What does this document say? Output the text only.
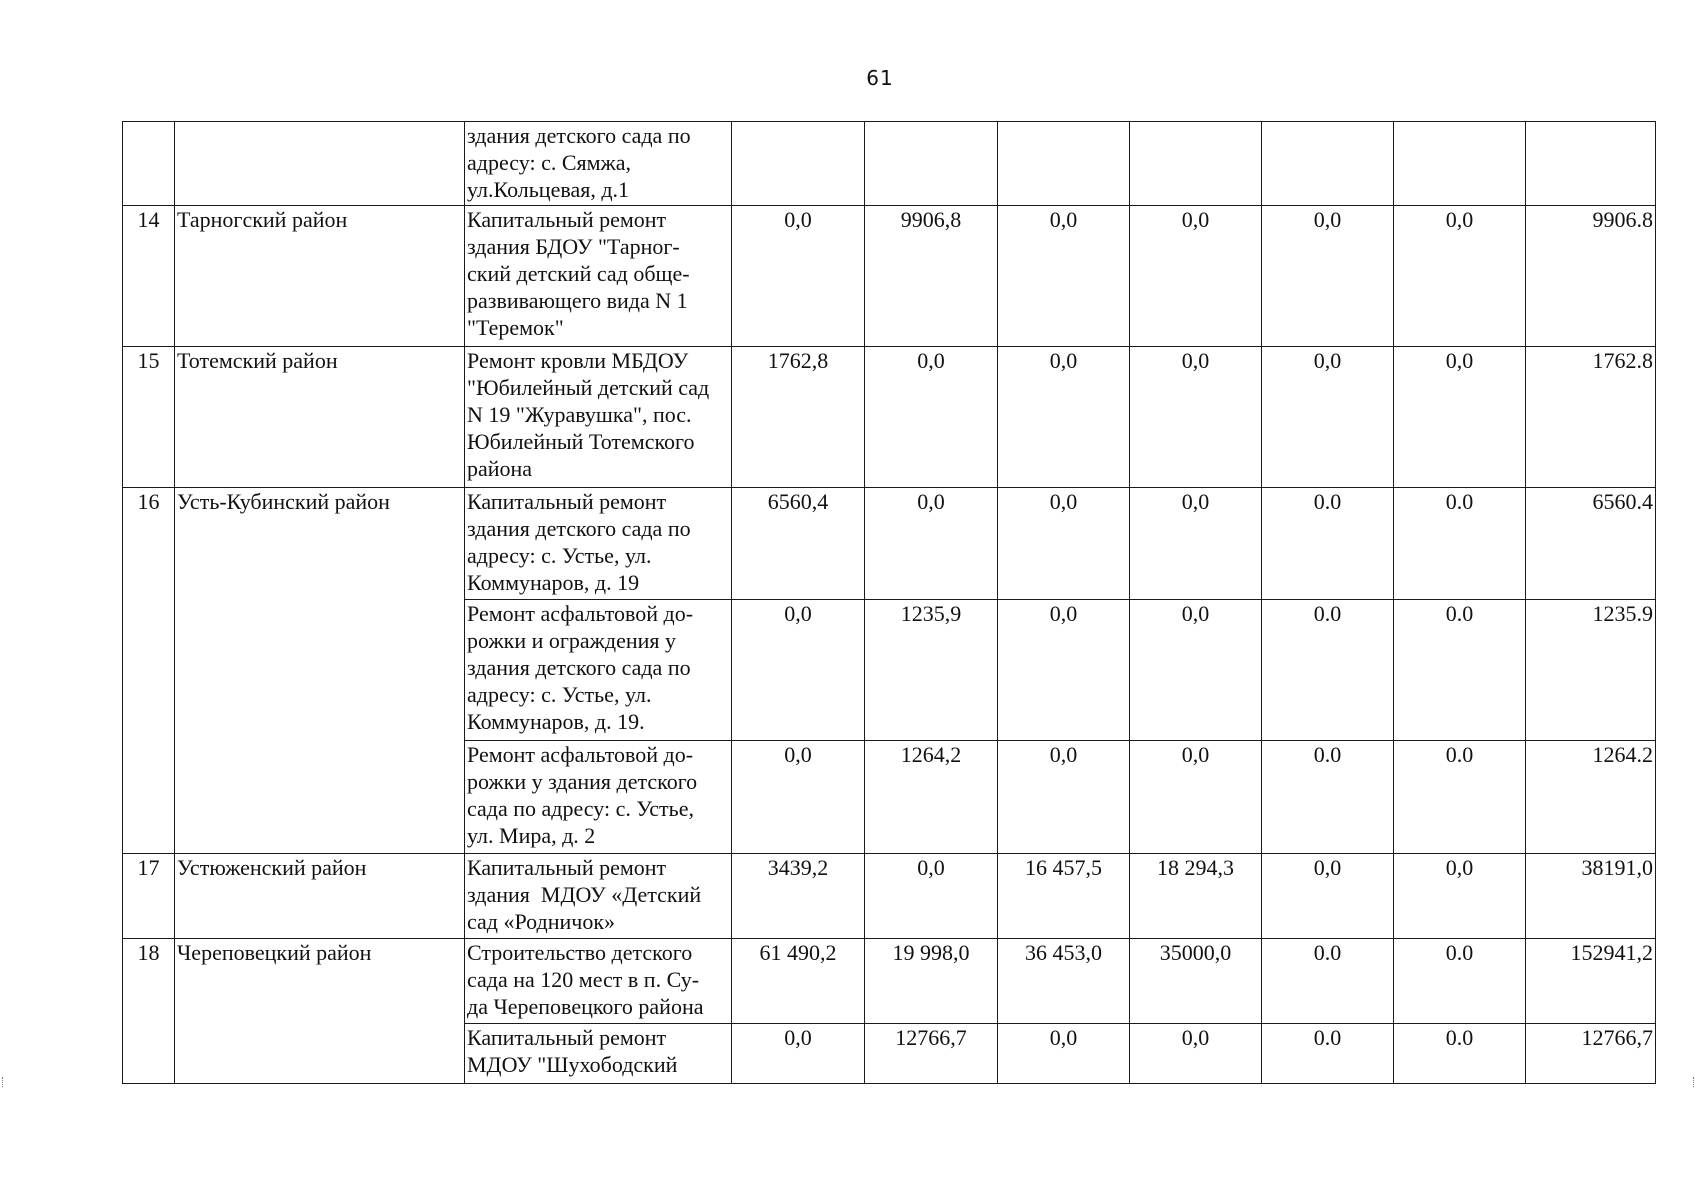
61

		здания детского сада по
адресу: с. Сямжа,
ул.Кольцевая, д.1							

14	Тарногский район	Капитальный ремонт
здания БДОУ "Тарног-
ский детский сад обще-
развивающего вида N 1
"Теремок"	0,0	9906,8	0,0	0,0	0,0	0,0	9906.8
15	Тотемский район	Ремонт кровли МБДОУ
"Юбилейный детский сад
N 19 "Журавушка", пос.
Юбилейный Тотемского
района	1762,8	0,0	0,0	0,0	0,0	0,0	1762.8
16	Усть-Кубинский район	Капитальный ремонт
здания детского сада по
адресу: с. Устье, ул.
Коммунаров, д. 19	6560,4	0,0	0,0	0,0	0.0	0.0	6560.4

		Ремонт асфальтовой до-
рожки и ограждения у
здания детского сада по
адресу: с. Устье, ул.
Коммунаров, д. 19.	0,0	1235,9	0,0	0,0	0.0	0.0	1235.9

		Ремонт асфальтовой до-
рожки у здания детского
сада по адресу: с. Устье,
ул. Мира, д. 2	0,0	1264,2	0,0	0,0	0.0	0.0	1264.2
17	Устюженский район	Капитальный ремонт
здания  МДОУ «Детский
сад «Родничок»	3439,2	0,0	16 457,5	18 294,3	0,0	0,0	38191,0
18	Череповецкий район	Строительство детского
сада на 120 мест в п. Су-
да Череповецкого района	61 490,2	19 998,0	36 453,0	35000,0	0.0	0.0	152941,2

		Капитальный ремонт
МДОУ "Шухободский	0,0	12766,7	0,0	0,0	0.0	0.0	12766,7
